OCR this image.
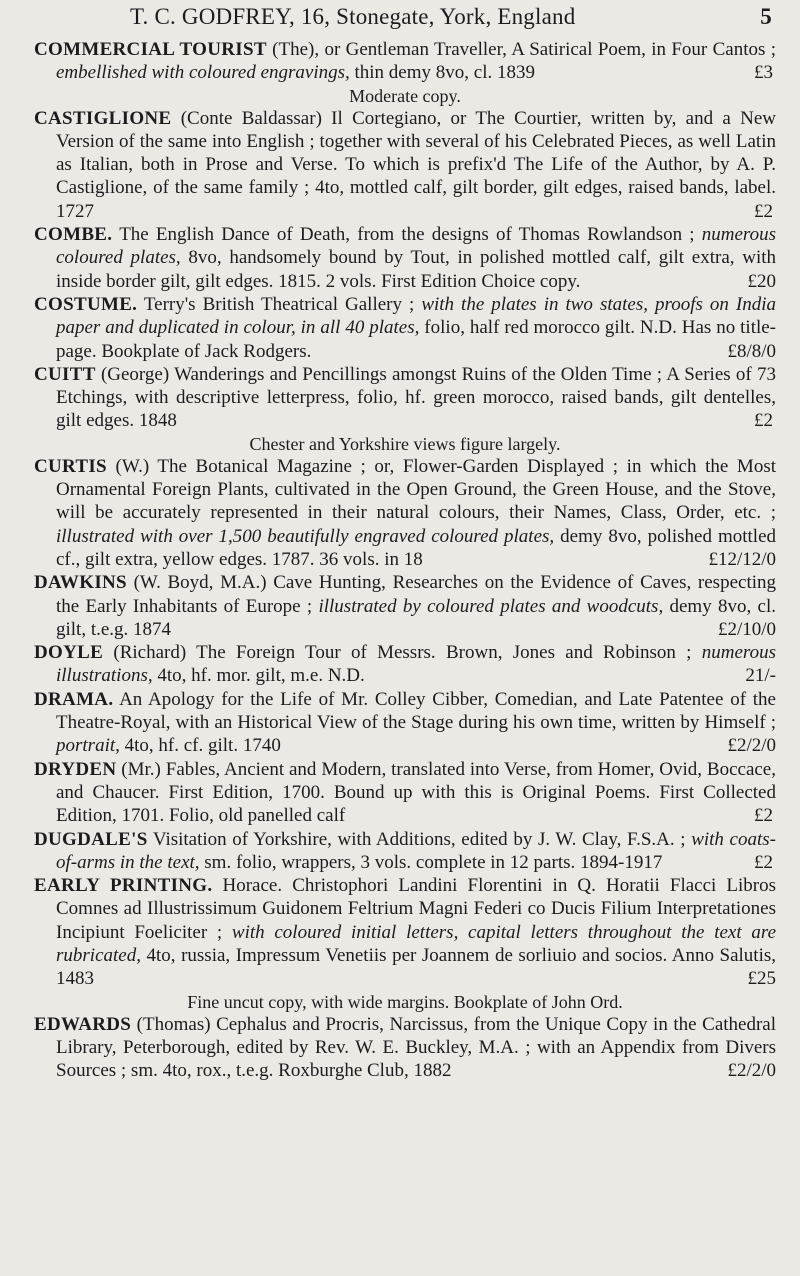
T. C. GODFREY, 16, Stonegate, York, England	5

COMMERCIAL TOURIST (The), or Gentleman Traveller, A Satirical Poem, in Four Cantos ; embellished with coloured engravings, thin demy 8vo, cl. 1839 	£3

Moderate copy.

CASTIGLIONE (Conte Baldassar) Il Cortegiano, or The Courtier, written by, and a New Version of the same into English ; together with several of his Celebrated Pieces, as well Latin as Italian, both in Prose and Verse. To which is prefix'd The Life of the Author, by A. P. Castiglione, of the same family ; 4to, mottled calf, gilt border, gilt edges, raised bands, label. 1727 	£2

COMBE. The English Dance of Death, from the designs of Thomas Rowlandson ; numerous coloured plates, 8vo, handsomely bound by Tout, in polished mottled calf, gilt extra, with inside border gilt, gilt edges. 1815. 2 vols. First Edition Choice copy. 	£20

COSTUME. Terry's British Theatrical Gallery ; with the plates in two states, proofs on India paper and duplicated in colour, in all 40 plates, folio, half red morocco gilt. N.D. Has no title-page. Bookplate of Jack Rodgers. 	£8/8/0

CUITT (George) Wanderings and Pencillings amongst Ruins of the Olden Time ; A Series of 73 Etchings, with descriptive letterpress, folio, hf. green morocco, raised bands, gilt dentelles, gilt edges. 1848 	£2

Chester and Yorkshire views figure largely.

CURTIS (W.) The Botanical Magazine ; or, Flower-Garden Displayed ; in which the Most Ornamental Foreign Plants, cultivated in the Open Ground, the Green House, and the Stove, will be accurately represented in their natural colours, their Names, Class, Order, etc. ; illustrated with over 1,500 beautifully engraved coloured plates, demy 8vo, polished mottled cf., gilt extra, yellow edges. 1787. 36 vols. in 18 	£12/12/0

DAWKINS (W. Boyd, M.A.) Cave Hunting, Researches on the Evidence of Caves, respecting the Early Inhabitants of Europe ; illustrated by coloured plates and woodcuts, demy 8vo, cl. gilt, t.e.g. 1874 	£2/10/0

DOYLE (Richard) The Foreign Tour of Messrs. Brown, Jones and Robinson ; numerous illustrations, 4to, hf. mor. gilt, m.e. N.D. 	21/-

DRAMA. An Apology for the Life of Mr. Colley Cibber, Comedian, and Late Patentee of the Theatre-Royal, with an Historical View of the Stage during his own time, written by Himself ; portrait, 4to, hf. cf. gilt. 1740 	£2/2/0

DRYDEN (Mr.) Fables, Ancient and Modern, translated into Verse, from Homer, Ovid, Boccace, and Chaucer. First Edition, 1700. Bound up with this is Original Poems. First Collected Edition, 1701. Folio, old panelled calf 	£2

DUGDALE'S Visitation of Yorkshire, with Additions, edited by J. W. Clay, F.S.A. ; with coats-of-arms in the text, sm. folio, wrappers, 3 vols. complete in 12 parts. 1894-1917 	£2

EARLY PRINTING. Horace. Christophori Landini Florentini in Q. Horatii Flacci Libros Comnes ad Illustrissimum Guidonem Feltrium Magni Federi co Ducis Filium Interpretationes Incipiunt Foeliciter ; with coloured initial letters, capital letters throughout the text are rubricated, 4to, russia, Impressum Venetiis per Joannem de sorliuio and socios. Anno Salutis, 1483 	£25

Fine uncut copy, with wide margins. Bookplate of John Ord.

EDWARDS (Thomas) Cephalus and Procris, Narcissus, from the Unique Copy in the Cathedral Library, Peterborough, edited by Rev. W. E. Buckley, M.A. ; with an Appendix from Divers Sources ; sm. 4to, rox., t.e.g. Roxburghe Club, 1882 	£2/2/0
